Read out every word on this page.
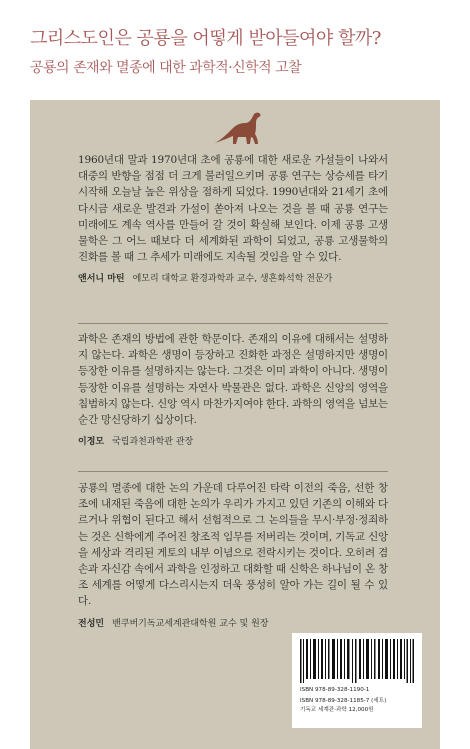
그리스도인은 공룡을 어떻게 받아들여야 할까?
공룡의 존재와 멸종에 대한 과학적·신학적 고찰

1960년대 말과 1970년대 초에 공룡에 대한 새로운 가설들이 나와서 대중의 반향을 점점 더 크게 불러일으키며 공룡 연구는 상승세를 타기 시작해 오늘날 높은 위상을 점하게 되었다. 1990년대와 21세기 초에 다시금 새로운 발견과 가설이 쏟아져 나오는 것을 볼 때 공룡 연구는 미래에도 계속 역사를 만들어 갈 것이 확실해 보인다. 이제 공룡 고생물학은 그 어느 때보다 더 세계화된 과학이 되었고, 공룡 고생물학의 진화를 볼 때 그 추세가 미래에도 지속될 것임을 알 수 있다.

앤서니 마틴 에모리 대학교 환경과학과 교수, 생흔화석학 전문가

과학은 존재의 방법에 관한 학문이다. 존재의 이유에 대해서는 설명하지 않는다. 과학은 생명이 등장하고 진화한 과정은 설명하지만 생명이 등장한 이유를 설명하지는 않는다. 그것은 이미 과학이 아니다. 생명이 등장한 이유를 설명하는 자연사 박물관은 없다. 과학은 신앙의 영역을 침범하지 않는다. 신앙 역시 마찬가지여야 한다. 과학의 영역을 넘보는 순간 망신당하기 십상이다.

이정모 국립과천과학관 관장

공룡의 멸종에 대한 논의 가운데 다루어진 타락 이전의 죽음, 선한 창조에 내재된 죽음에 대한 논의가 우리가 가지고 있던 기존의 이해와 다르거나 위협이 된다고 해서 선험적으로 그 논의들을 무시·부정·정죄하는 것은 신학에게 주어진 창조적 임무를 저버리는 것이며, 기독교 신앙을 세상과 격리된 게토의 내부 이념으로 전락시키는 것이다. 오히려 겸손과 자신감 속에서 과학을 인정하고 대화할 때 신학은 하나님이 온 창조 세계를 어떻게 다스리시는지 더욱 풍성히 알아 가는 길이 될 수 있다.

전성민 밴쿠버기독교세계관대학원 교수 및 원장
ISBN 978-89-328-1190-1
ISBN 978-89-328-1185-7 (세트)
기독교 세계관·과학 12,000원
